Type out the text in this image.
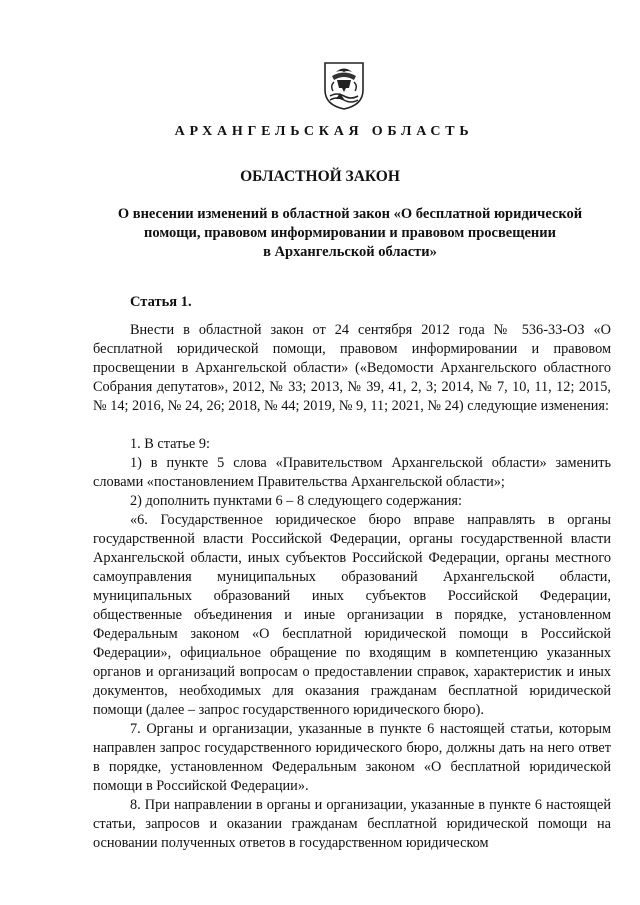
АРХАНГЕЛЬСКАЯ ОБЛАСТЬ
ОБЛАСТНОЙ ЗАКОН
О внесении изменений в областной закон «О бесплатной юридической
помощи, правовом информировании и правовом просвещении
в Архангельской области»
Статья 1.

Внести в областной закон от 24 сентября 2012 года № 536-33-ОЗ «О бесплатной юридической помощи, правовом информировании и правовом просвещении в Архангельской области» («Ведомости Архангельского областного Собрания депутатов», 2012, № 33; 2013, № 39, 41, 2, 3; 2014, № 7, 10, 11, 12; 2015, № 14; 2016, № 24, 26; 2018, № 44; 2019, № 9, 11; 2021, № 24) следующие изменения:

1. В статье 9:

1) в пункте 5 слова «Правительством Архангельской области» заменить словами «постановлением Правительства Архангельской области»;

2) дополнить пунктами 6 – 8 следующего содержания:

«6. Государственное юридическое бюро вправе направлять в органы государственной власти Российской Федерации, органы государственной власти Архангельской области, иных субъектов Российской Федерации, органы местного самоуправления муниципальных образований Архангельской области, муниципальных образований иных субъектов Российской Федерации, общественные объединения и иные организации в порядке, установленном Федеральным законом «О бесплатной юридической помощи в Российской Федерации», официальное обращение по входящим в компетенцию указанных органов и организаций вопросам о предоставлении справок, характеристик и иных документов, необходимых для оказания гражданам бесплатной юридической помощи (далее – запрос государственного юридического бюро).

7. Органы и организации, указанные в пункте 6 настоящей статьи, которым направлен запрос государственного юридического бюро, должны дать на него ответ в порядке, установленном Федеральным законом «О бесплатной юридической помощи в Российской Федерации».

8. При направлении в органы и организации, указанные в пункте 6 настоящей статьи, запросов и оказании гражданам бесплатной юридической помощи на основании полученных ответов в государственном юридическом
